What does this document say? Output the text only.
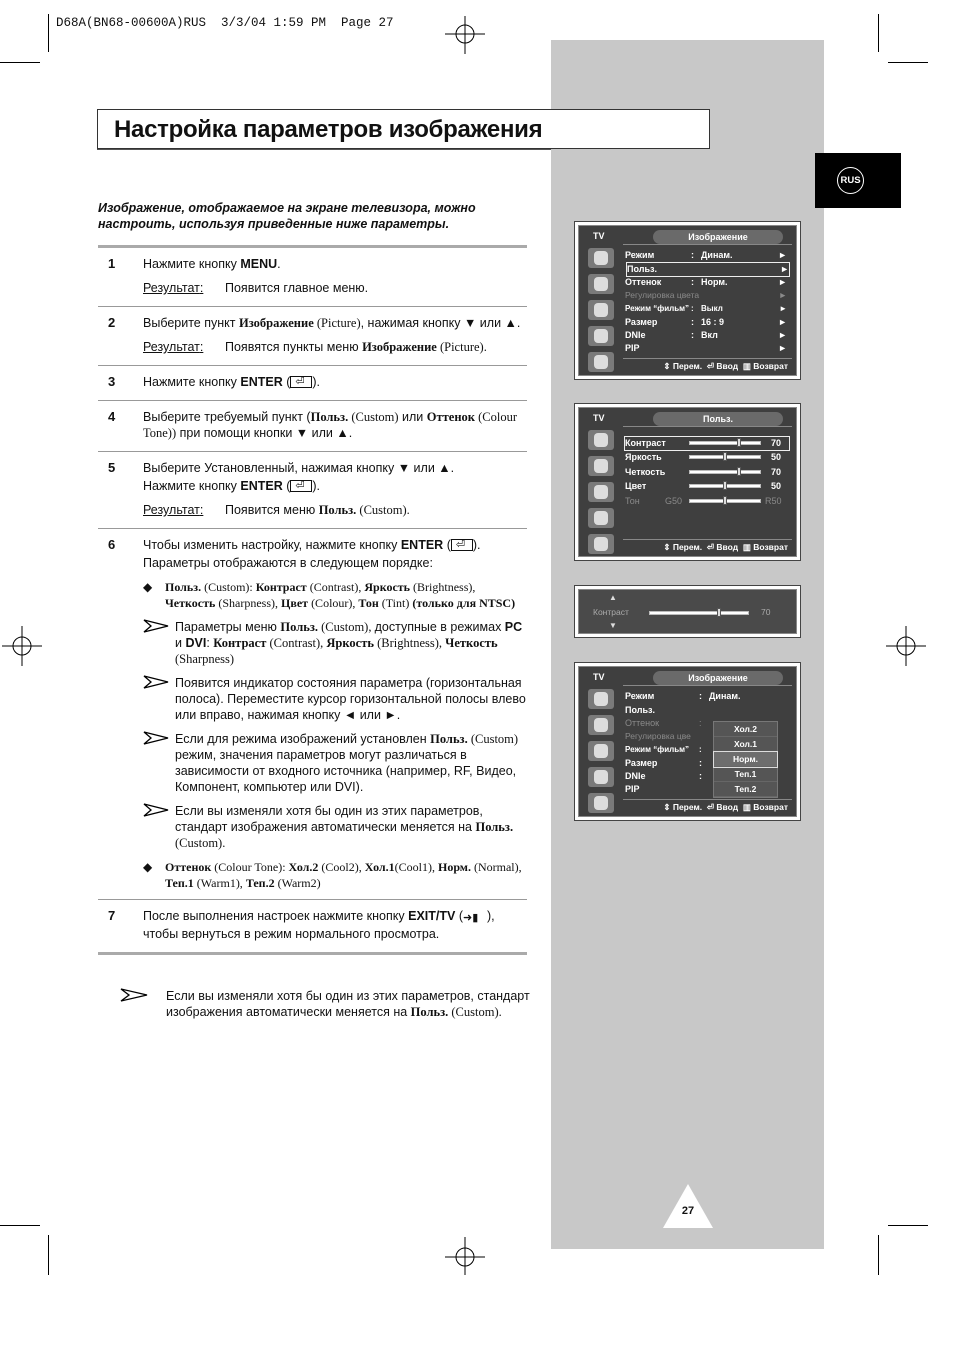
D68A(BN68-00600A)RUS  3/3/04 1:59 PM  Page 27
Настройка параметров изображения
RUS
Изображение, отображаемое на экране телевизора, можно настроить, используя приведенные ниже параметры.
1 Нажмите кнопку MENU.

Результат: Появится главное меню.

2 Выберите пункт Изображение (Picture), нажимая кнопку ▼ или ▲.

Результат: Появятся пункты меню Изображение (Picture).

3 Нажмите кнопку ENTER ( ⏎ ).

4 Выберите требуемый пункт (Польз. (Custom) или Оттенок (Colour Tone)) при помощи кнопки ▼ или ▲.

5 Выберите Установленный, нажимая кнопку ▼ или ▲.

Нажмите кнопку ENTER ( ⏎ ).

Результат: Появится меню Польз. (Custom).

6 Чтобы изменить настройку, нажмите кнопку ENTER ( ⏎ ).

Параметры отображаются в следующем порядке:

◆	Польз. (Custom): Контраст (Contrast), Яркость (Brightness), Четкость (Sharpness), Цвет (Colour), Тон (Tint) (только для NTSC)
Параметры меню Польз. (Custom), доступные в режимах PC и DVI: Контраст (Contrast), Яркость (Brightness), Четкость (Sharpness)
Появится индикатор состояния параметра (горизонтальная полоса). Переместите курсор горизонтальной полосы влево или вправо, нажимая кнопку ◄ или ►.
Если для режима изображений установлен Польз. (Custom) режим, значения параметров могут различаться в зависимости от входного источника (например, RF, Видео, Компонент, компьютер или DVI).
Если вы изменяли хотя бы один из этих параметров, стандарт изображения автоматически меняется на Польз. (Custom).
◆	Оттенок (Colour Tone): Хол.2 (Cool2), Хол.1(Cool1), Норм. (Normal), Теп.1 (Warm1), Теп.2 (Warm2)
7 После выполнения настроек нажмите кнопку EXIT/TV (➜▮ ),

чтобы вернуться в режим нормального просмотра.

Если вы изменяли хотя бы один из этих параметров, стандарт изображения автоматически меняется на Польз. (Custom).
TV	Изображение
Режим	: Динам.	►
Польз.	►
Оттенок	: Норм.	►
Регулировка цвета	►
Режим “фильм” : Выкл	►
Размер	: 16 : 9	►
DNIe	: Вкл	►
PIP	►
⇕ Перем. ⏎ Ввод ▥ Возврат
TV	Польз.
Контраст	70
Яркость	50
Четкость	70
Цвет	50
Тон	G50	R50
⇕ Перем. ⏎ Ввод ▥ Возврат
▲
Контраст	70
▼
TV	Изображение
Режим	: Динам.
Польз.
Оттенок	:
Регулировка цве
Режим “фильм” :
Размер	:
DNIe	:
PIP
Хол.2
Хол.1
Норм.
Теп.1
Теп.2
⇕ Перем. ⏎ Ввод ▥ Возврат
27
